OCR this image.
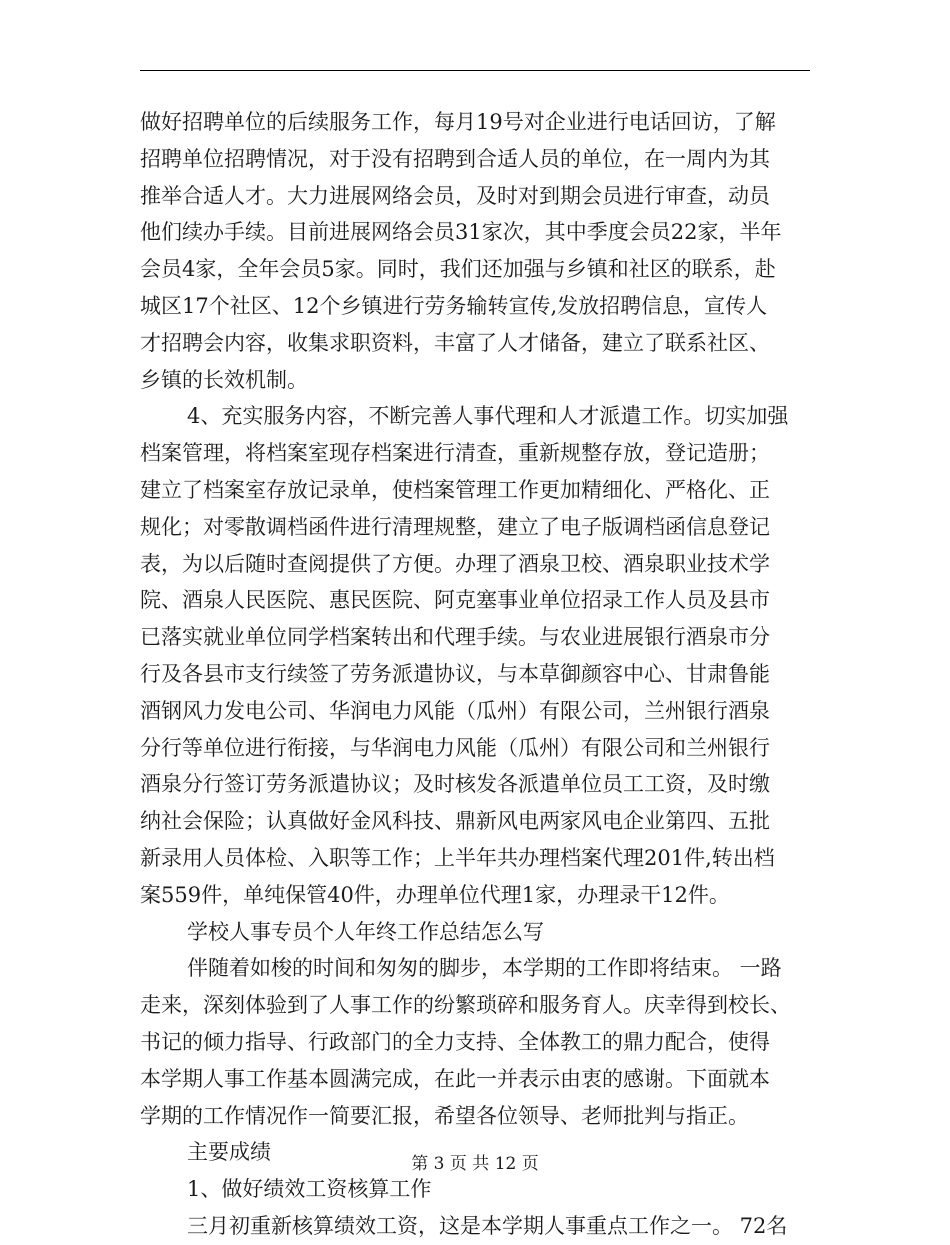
做好招聘单位的后续服务工作，每月19号对企业进行电话回访，了解
招聘单位招聘情况，对于没有招聘到合适人员的单位，在一周内为其
推举合适人才。大力进展网络会员，及时对到期会员进行审查，动员
他们续办手续。目前进展网络会员31家次，其中季度会员22家，半年
会员4家，全年会员5家。同时，我们还加强与乡镇和社区的联系，赴
城区17个社区、12个乡镇进行劳务输转宣传,发放招聘信息，宣传人
才招聘会内容，收集求职资料，丰富了人才储备，建立了联系社区、
乡镇的长效机制。
4、充实服务内容，不断完善人事代理和人才派遣工作。切实加强
档案管理，将档案室现存档案进行清查，重新规整存放，登记造册；
建立了档案室存放记录单，使档案管理工作更加精细化、严格化、正
规化；对零散调档函件进行清理规整，建立了电子版调档函信息登记
表，为以后随时查阅提供了方便。办理了酒泉卫校、酒泉职业技术学
院、酒泉人民医院、惠民医院、阿克塞事业单位招录工作人员及县市
已落实就业单位同学档案转出和代理手续。与农业进展银行酒泉市分
行及各县市支行续签了劳务派遣协议，与本草御颜容中心、甘肃鲁能
酒钢风力发电公司、华润电力风能（瓜州）有限公司，兰州银行酒泉
分行等单位进行衔接，与华润电力风能（瓜州）有限公司和兰州银行
酒泉分行签订劳务派遣协议；及时核发各派遣单位员工工资，及时缴
纳社会保险；认真做好金风科技、鼎新风电两家风电企业第四、五批
新录用人员体检、入职等工作；上半年共办理档案代理201件,转出档
案559件，单纯保管40件，办理单位代理1家，办理录干12件。
学校人事专员个人年终工作总结怎么写
伴随着如梭的时间和匆匆的脚步，本学期的工作即将结束。 一路
走来，深刻体验到了人事工作的纷繁琐碎和服务育人。庆幸得到校长、
书记的倾力指导、行政部门的全力支持、全体教工的鼎力配合，使得
本学期人事工作基本圆满完成，在此一并表示由衷的感谢。下面就本
学期的工作情况作一简要汇报，希望各位领导、老师批判与指正。
主要成绩
1、做好绩效工资核算工作
三月初重新核算绩效工资，这是本学期人事重点工作之一。 72名
第 3 页 共 12 页
